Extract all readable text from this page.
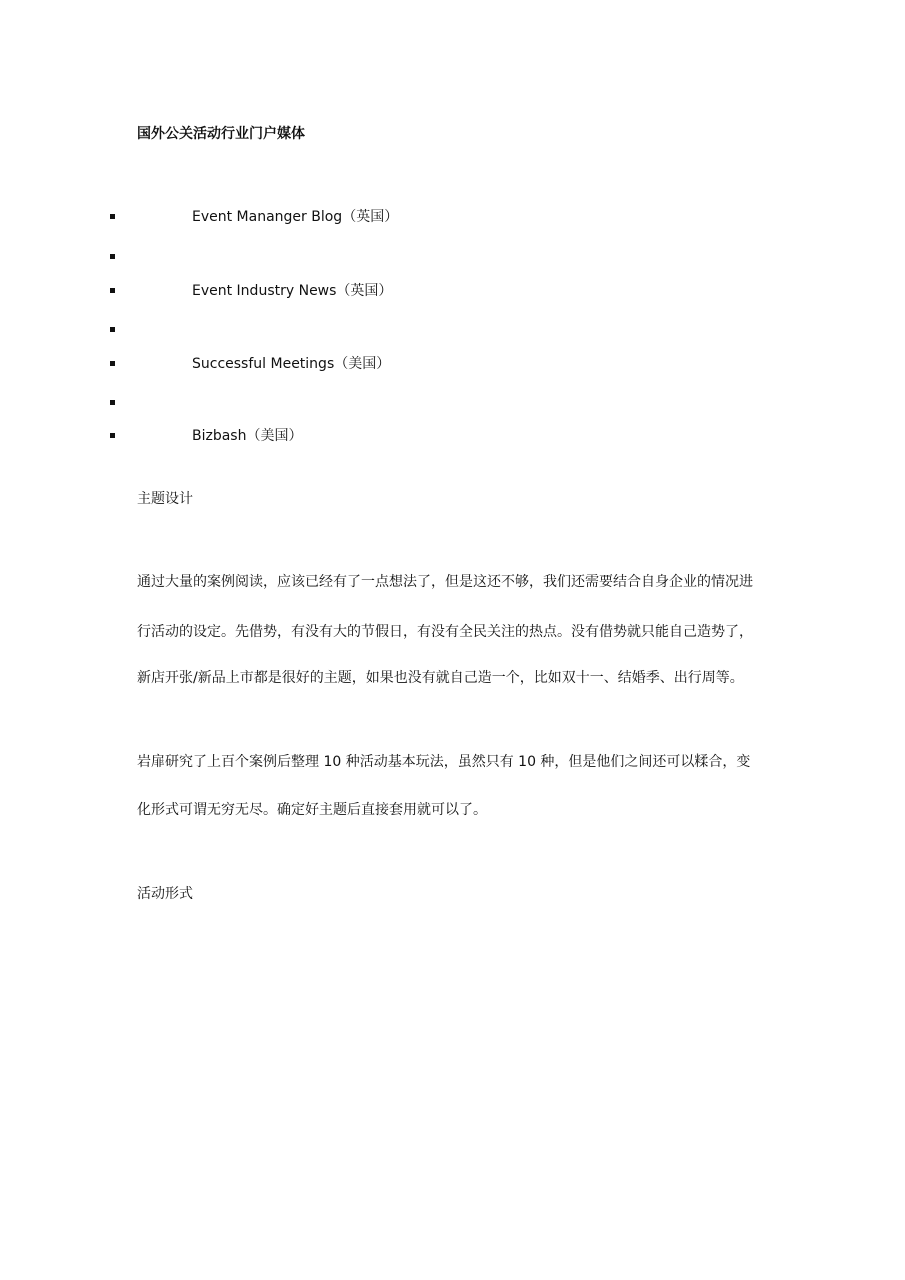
国外公关活动行业门户媒体
Event Mananger Blog（英国）
Event Industry News（英国）
Successful Meetings（美国）
Bizbash（美国）
主题设计
通过大量的案例阅读，应该已经有了一点想法了，但是这还不够，我们还需要结合自身企业的情况进
行活动的设定。先借势，有没有大的节假日，有没有全民关注的热点。没有借势就只能自己造势了，
新店开张/新品上市都是很好的主题，如果也没有就自己造一个，比如双十一、结婚季、出行周等。
岩扉研究了上百个案例后整理 10 种活动基本玩法，虽然只有 10 种，但是他们之间还可以糅合，变
化形式可谓无穷无尽。确定好主题后直接套用就可以了。
活动形式
